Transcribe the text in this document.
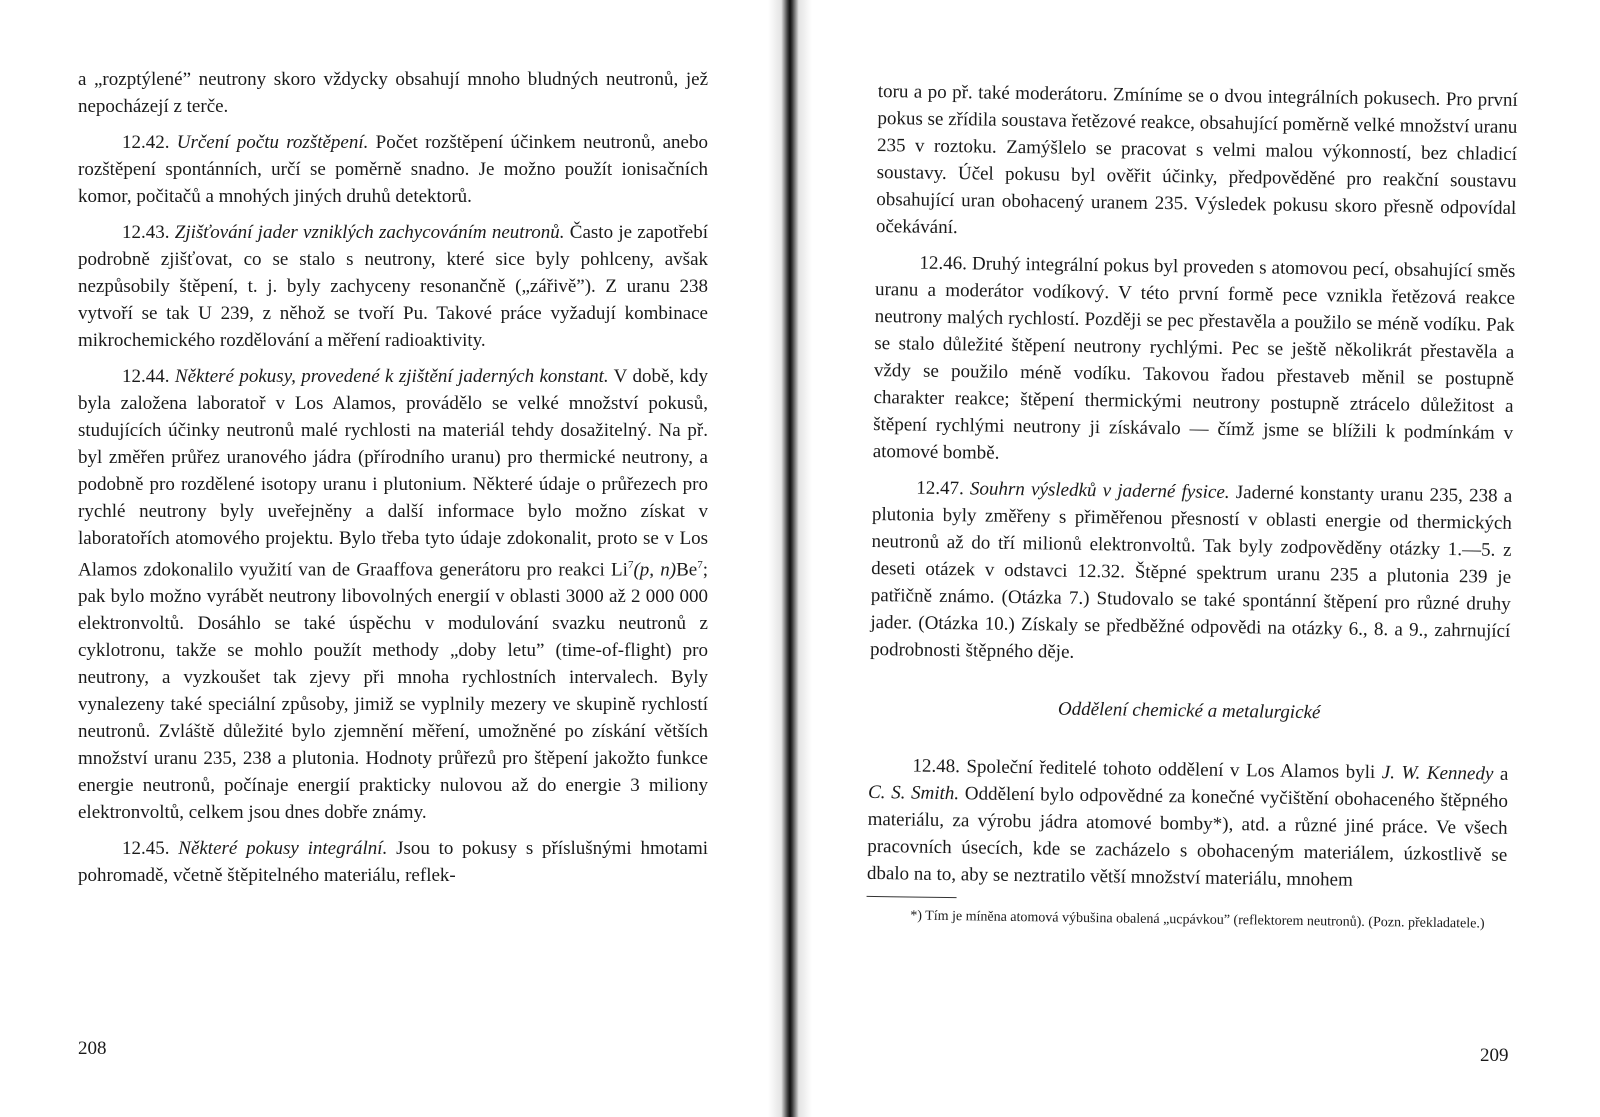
a „rozptýlené” neutrony skoro vždycky obsahují mnoho bludných neutronů, jež nepocházejí z terče.

12.42. Určení počtu rozštěpení. Počet rozštěpení účinkem neutronů, anebo rozštěpení spontánních, určí se poměrně snadno. Je možno použít ionisačních komor, počitačů a mnohých jiných druhů detektorů.

12.43. Zjišťování jader vzniklých zachycováním neutronů. Často je zapotřebí podrobně zjišťovat, co se stalo s neutrony, které sice byly pohlceny, avšak nezpůsobily štěpení, t. j. byly zachyceny resonančně („zářivě”). Z uranu 238 vytvoří se tak U 239, z něhož se tvoří Pu. Takové práce vyžadují kombinace mikrochemického rozdělování a měření radioaktivity.

12.44. Některé pokusy, provedené k zjištění jaderných konstant. V době, kdy byla založena laboratoř v Los Alamos, provádělo se velké množství pokusů, studujících účinky neutronů malé rychlosti na materiál tehdy dosažitelný. Na př. byl změřen průřez uranového jádra (přírodního uranu) pro thermické neutrony, a podobně pro rozdělené isotopy uranu i plutonium. Některé údaje o průřezech pro rychlé neutrony byly uveřejněny a další informace bylo možno získat v laboratořích atomového projektu. Bylo třeba tyto údaje zdokonalit, proto se v Los Alamos zdokonalilo využití van de Graaffova generátoru pro reakci Li$^7$(p, n)Be$^7$; pak bylo možno vyrábět neutrony libovolných energií v oblasti 3000 až 2 000 000 elektronvoltů. Dosáhlo se také úspěchu v modulování svazku neutronů z cyklotronu, takže se mohlo použít methody „doby letu” (time-of-flight) pro neutrony, a vyzkoušet tak zjevy při mnoha rychlostních intervalech. Byly vynalezeny také speciální způsoby, jimiž se vyplnily mezery ve skupině rychlostí neutronů. Zvláště důležité bylo zjemnění měření, umožněné po získání větších množství uranu 235, 238 a plutonia. Hodnoty průřezů pro štěpení jakožto funkce energie neutronů, počínaje energií prakticky nulovou až do energie 3 miliony elektronvoltů, celkem jsou dnes dobře známy.

12.45. Některé pokusy integrální. Jsou to pokusy s příslušnými hmotami pohromadě, včetně štěpitelného materiálu, reflek-

208

toru a po př. také moderátoru. Zmíníme se o dvou integrálních pokusech. Pro první pokus se zřídila soustava řetězové reakce, obsahující poměrně velké množství uranu 235 v roztoku. Zamýšlelo se pracovat s velmi malou výkonností, bez chladicí soustavy. Účel pokusu byl ověřit účinky, předpověděné pro reakční soustavu obsahující uran obohacený uranem 235. Výsledek pokusu skoro přesně odpovídal očekávání.

12.46. Druhý integrální pokus byl proveden s atomovou pecí, obsahující směs uranu a moderátor vodíkový. V této první formě pece vznikla řetězová reakce neutrony malých rychlostí. Později se pec přestavěla a použilo se méně vodíku. Pak se stalo důležité štěpení neutrony rychlými. Pec se ještě několikrát přestavěla a vždy se použilo méně vodíku. Takovou řadou přestaveb měnil se postupně charakter reakce; štěpení thermickými neutrony postupně ztrácelo důležitost a štěpení rychlými neutrony ji získávalo — čímž jsme se blížili k podmínkám v atomové bombě.

12.47. Souhrn výsledků v jaderné fysice. Jaderné konstanty uranu 235, 238 a plutonia byly změřeny s přiměřenou přesností v oblasti energie od thermických neutronů až do tří milionů elektronvoltů. Tak byly zodpověděny otázky 1.—5. z deseti otázek v odstavci 12.32. Štěpné spektrum uranu 235 a plutonia 239 je patřičně známo. (Otázka 7.) Studovalo se také spontánní štěpení pro různé druhy jader. (Otázka 10.) Získaly se předběžné odpovědi na otázky 6., 8. a 9., zahrnující podrobnosti štěpného děje.

Oddělení chemické a metalurgické

12.48. Společní ředitelé tohoto oddělení v Los Alamos byli J. W. Kennedy a C. S. Smith. Oddělení bylo odpovědné za konečné vyčištění obohaceného štěpného materiálu, za výrobu jádra atomové bomby*), atd. a různé jiné práce. Ve všech pracovních úsecích, kde se zacházelo s obohaceným materiálem, úzkostlivě se dbalo na to, aby se neztratilo větší množství materiálu, mnohem

*) Tím je míněna atomová výbušina obalená „ucpávkou” (reflektorem neutronů). (Pozn. překladatele.)

209
